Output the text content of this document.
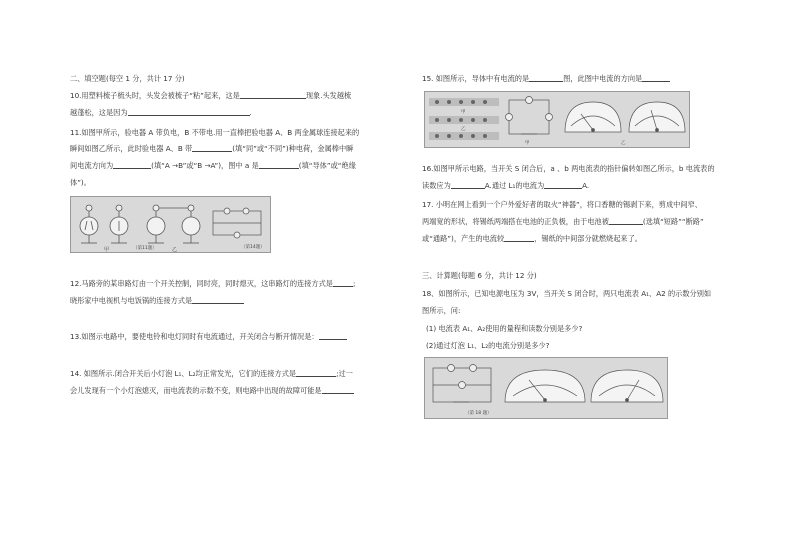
二、填空题(每空 1 分，共计 17 分)
10.用塑料梳子梳头时，头发会被梳子“粘”起来，这是	现象.头发越梳
越蓬松，这是因为	.
11.如图甲所示，验电器 A 带负电，B 不带电.用一直棒把验电器 A、B 两金属球连接起来的
瞬间如图乙所示，此时验电器 A、B 带	(填“同”或“不同”)种电荷，金属棒中瞬
间电流方向为	(填“A →B”或“B →A”)，图中 a 是	(填“导体”或“绝缘
体”)。
甲	乙
（第11题）	（第14题）
12.马路旁的某串路灯由一个开关控制，同时亮，同时熄灭，这串路灯的连接方式是	;
晓彤家中电视机与电饭锅的连接方式是
13.如图示电路中，要使电铃和电灯同时有电流通过，开关闭合与断开情况是：
14. 如图所示.闭合开关后小灯泡 L₁、L₂均正常发光，它们的连接方式是	;过一
会儿发现有一个小灯泡熄灭，而电流表的示数不变，则电路中出现的故障可能是
15. 如图所示，导体中有电流的是	图，此图中电流的方向是
甲
乙
甲	乙
16.如图甲所示电路，当开关 S 闭合后，a 、b 两电流表的指针偏转如图乙所示，b 电流表的
读数应为	A.通过 L₁的电流为	A.
17. 小明在网上看到一个户外爱好者的取火“神器”，将口香糖的锡剥下来，剪成中间窄、
两端宽的形状，将锡纸两端搭在电池的正负极，由于电池被	(选填“短路”“断路”
或“通路”)，产生的电流较	，锡纸的中间部分就燃烧起来了。
三、计算题(每题 6 分，共计 12 分)
18、如图所示，已知电源电压为 3V，当开关 S 闭合时，两只电流表 A₁、A2 的示数分别如
图所示，问:
(1) 电流表 A₁、A₂使用的量程和读数分别是多少?
(2)通过灯泡 L₁、L₂的电流分别是多少?
（第 18 题）
